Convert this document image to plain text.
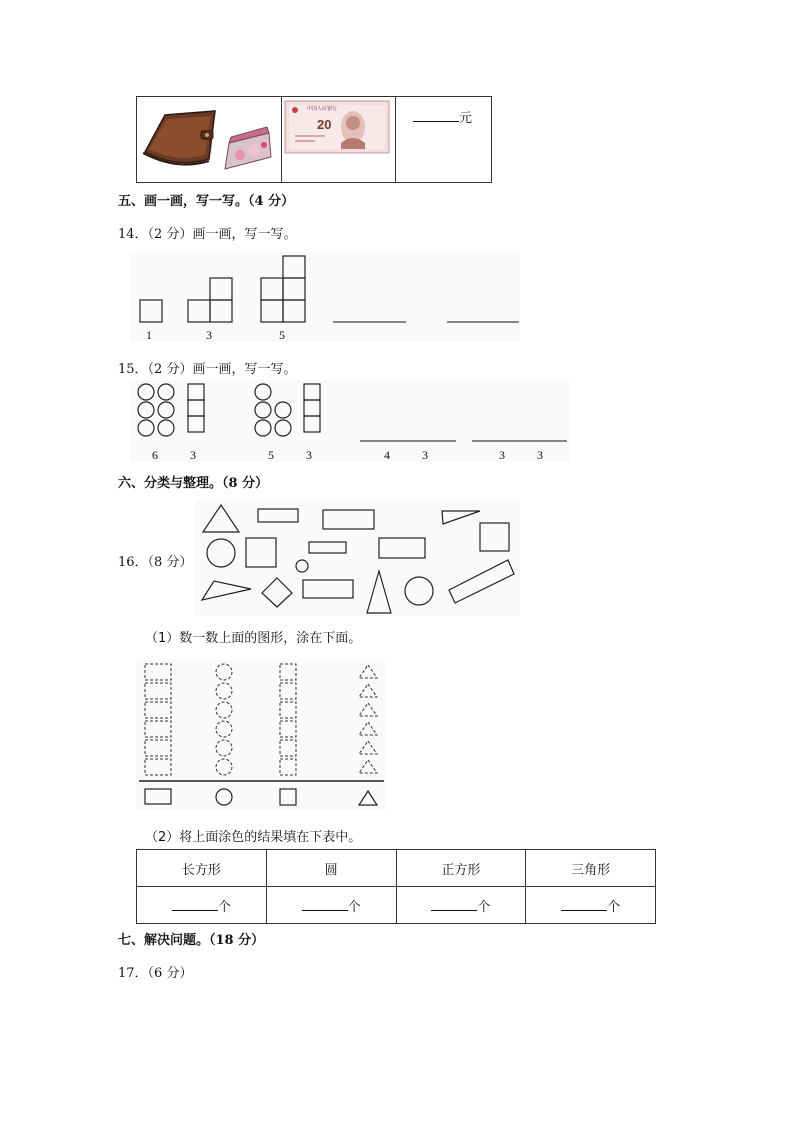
中国人民银行
20	元
五、画一画，写一写。（4 分）
14．（2 分）画一画，写一写。
1	3	5
15．（2 分）画一画，写一写。
6	3	5	3	4	3	3	3
六、分类与整理。（8 分）
16．（8 分）
（1）数一数上面的图形，涂在下面。
（2）将上面涂色的结果填在下表中。
长方形	圆	正方形	三角形
个	个	个	个
七、解决问题。（18 分）
17．（6 分）
